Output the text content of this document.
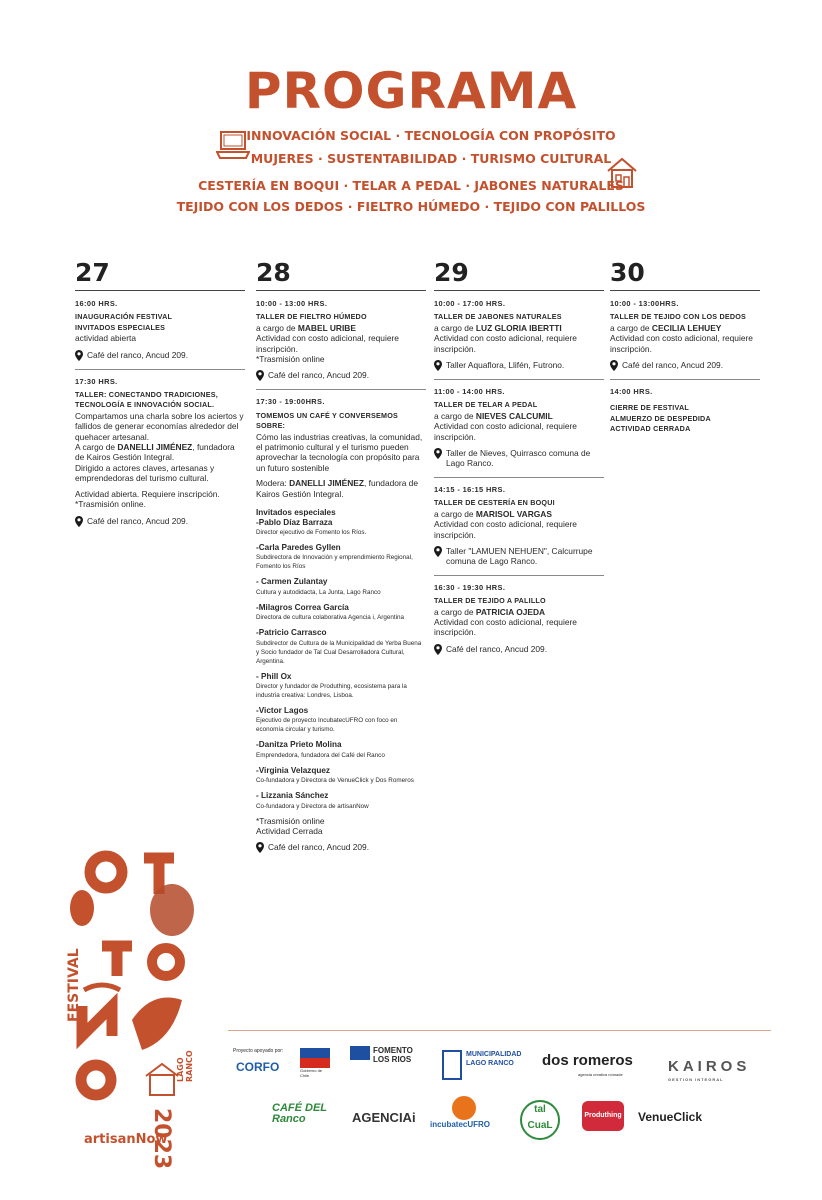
PROGRAMA
INNOVACIÓN SOCIAL · TECNOLOGÍA CON PROPÓSITO
MUJERES · SUSTENTABILIDAD · TURISMO CULTURAL
CESTERÍA EN BOQUI · TELAR A PEDAL · JABONES NATURALES
TEJIDO CON LOS DEDOS · FIELTRO HÚMEDO · TEJIDO CON PALILLOS
27
16:00 HRS.
INAUGURACIÓN FESTIVAL
INVITADOS ESPECIALES
actividad abierta
Café del ranco, Ancud 209.
17:30 HRS.
TALLER: CONECTANDO TRADICIONES, TECNOLOGÍA E INNOVACIÓN SOCIAL.
Compartamos una charla sobre los aciertos y fallidos de generar economías alrededor del quehacer artesanal.
A cargo de DANELLI JIMÉNEZ, fundadora de Kairos Gestión Integral.
Dirigido a actores claves, artesanas y emprendedoras del turismo cultural.
Actividad abierta. Requiere inscripción.
*Trasmisión online.
Café del ranco, Ancud 209.
28
10:00 - 13:00 HRS.
TALLER DE FIELTRO HÚMEDO
a cargo de MABEL URIBE
Actividad con costo adicional, requiere inscripción.
*Trasmisión online
Café del ranco, Ancud 209.
17:30 - 19:00HRS.
TOMEMOS UN CAFÉ Y CONVERSEMOS SOBRE:
Cómo las industrias creativas, la comunidad, el patrimonio cultural y el turismo pueden aprovechar la tecnología con propósito para un futuro sostenible
Modera: DANELLI JIMÉNEZ, fundadora de Kairos Gestión Integral.
Invitados especiales
-Pablo Díaz Barraza
Director ejecutivo de Fomento los Ríos.
-Carla Paredes Gyllen
Subdirectora de Innovación y emprendimiento Regional, Fomento los Ríos
- Carmen Zulantay
Cultura y autodidacta, La Junta, Lago Ranco
-Milagros Correa García
Directora de cultura colaborativa Agencia i, Argentina
-Patricio Carrasco
Subdirector de Cultura de la Municipalidad de Yerba Buena y Socio fundador de Tal Cual Desarrolladora Cultural, Argentina.
- Phill Ox
Director y fundador de Produthing, ecosistema para la industria creativa: Londres, Lisboa.
-Victor Lagos
Ejecutivo de proyecto IncubatecUFRO con foco en economía circular y turismo.
-Danitza Prieto Molina
Emprendedora, fundadora del Café del Ranco
-Virginia Velazquez
Co-fundadora y Directora de VenueClick y Dos Romeros
- Lizzania Sánchez
Co-fundadora y Directora de artisanNow
*Trasmisión online
Actividad Cerrada
Café del ranco, Ancud 209.
29
10:00 - 17:00 HRS.
TALLER DE JABONES NATURALES
a cargo de LUZ GLORIA IBERTTI
Actividad con costo adicional, requiere inscripción.
Taller Aquaflora, Llifén, Futrono.
11:00 - 14:00 HRS.
TALLER DE TELAR A PEDAL
a cargo de NIEVES CALCUMIL
Actividad con costo adicional, requiere inscripción.
Taller de Nieves, Quirrasco comuna de Lago Ranco.
14:15 - 16:15 HRS.
TALLER DE CESTERÍA EN BOQUI
a cargo de MARISOL VARGAS
Actividad con costo adicional, requiere inscripción.
Taller "LAMUEN NEHUEN", Calcurrupe comuna de Lago Ranco.
16:30 - 19:30 HRS.
TALLER DE TEJIDO A PALILLO
a cargo de PATRICIA OJEDA
Actividad con costo adicional, requiere inscripción.
Café del ranco, Ancud 209.
30
10:00 - 13:00HRS.
TALLER DE TEJIDO CON LOS DEDOS
a cargo de CECILIA LEHUEY
Actividad con costo adicional, requiere inscripción.
Café del ranco, Ancud 209.
14:00 HRS.
CIERRE DE FESTIVAL
ALMUERZO DE DESPEDIDA
ACTIVIDAD CERRADA
FESTIVAL
LAGO RANCO
2023
artisanNow
Proyecto apoyado por:
CORFO	Gobierno de Chile
FOMENTO LOS RIOS
MUNICIPALIDAD LAGO RANCO	dos romeros
agencia creativa nómade	KAIROS
GESTION INTEGRAL
CAFÉ DEL Ranco	AGENCIAi incubatecUFRO
tal CuaL
Produthing VenueClick
